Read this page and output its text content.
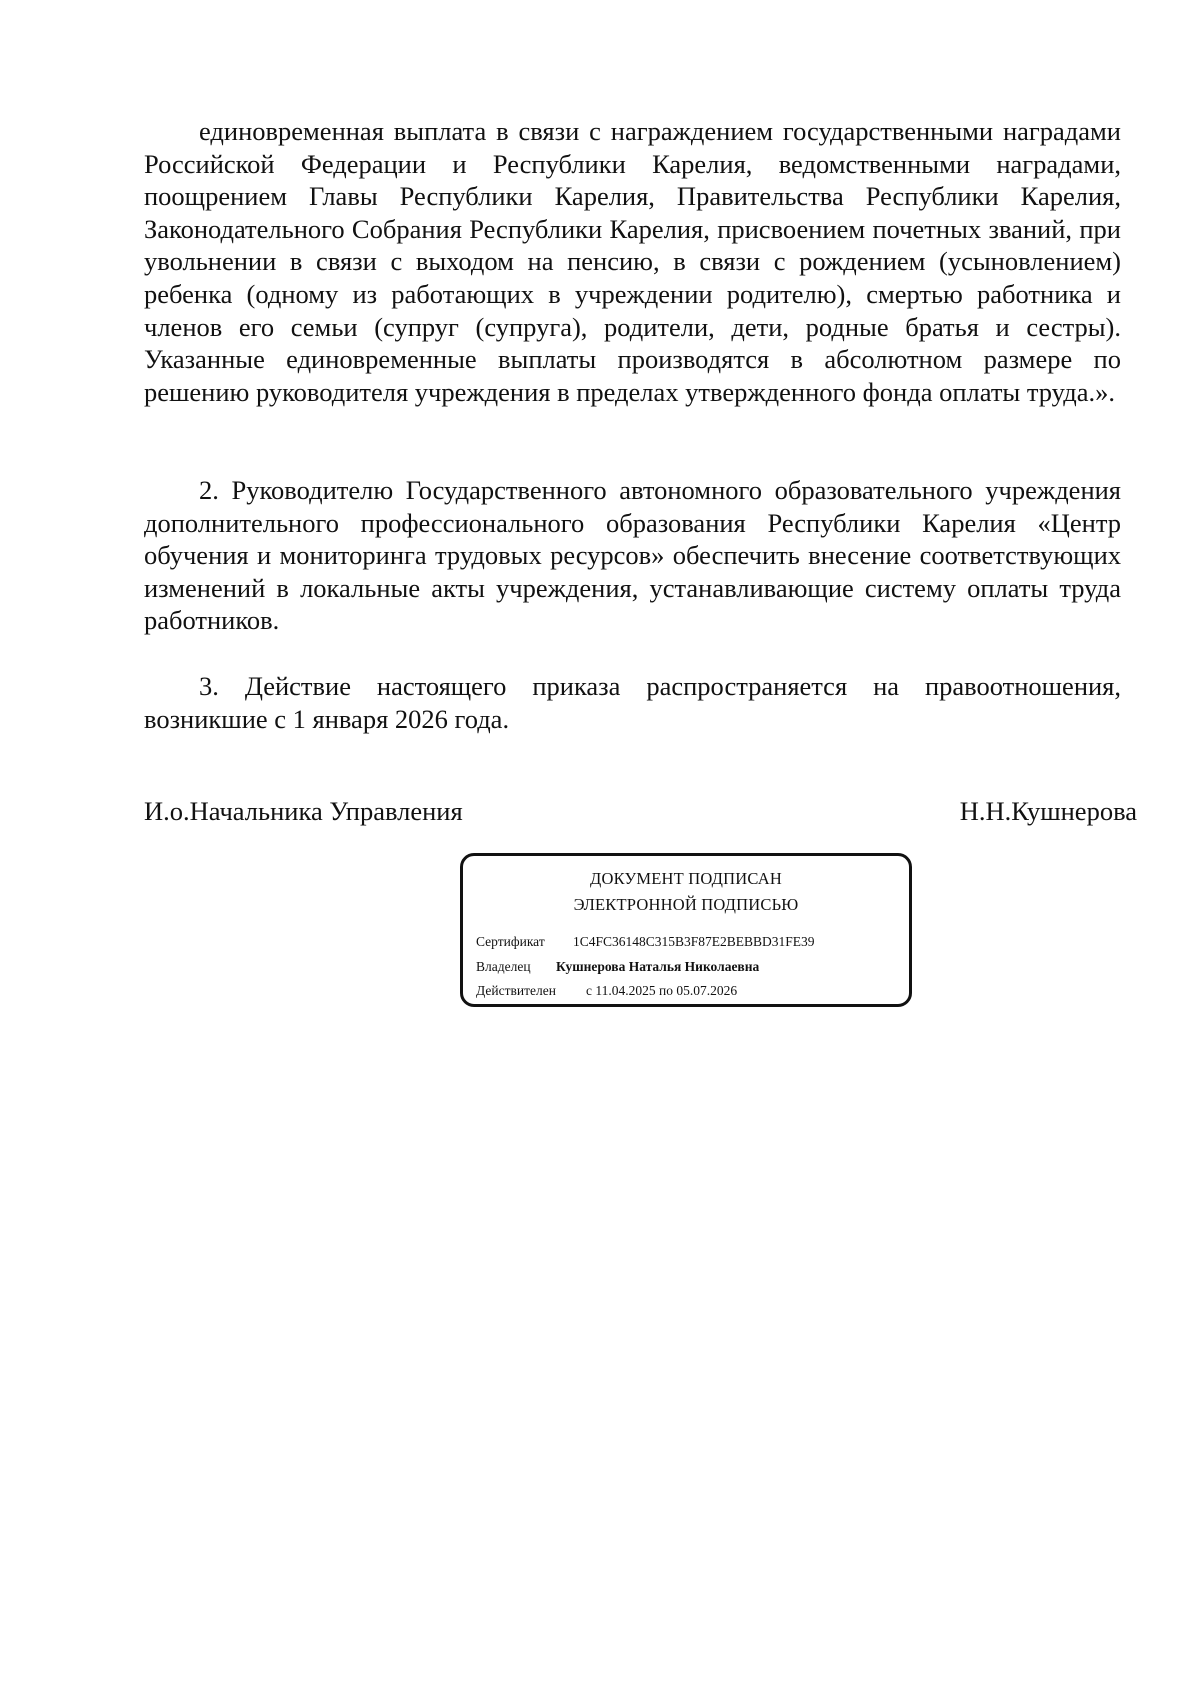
единовременная выплата в связи с награждением государственными наградами Российской Федерации и Республики Карелия, ведомственными наградами, поощрением Главы Республики Карелия, Правительства Республики Карелия, Законодательного Собрания Республики Карелия, присвоением почетных званий, при увольнении в связи с выходом на пенсию, в связи с рождением (усыновлением) ребенка (одному из работающих в учреждении родителю), смертью работника и членов его семьи (супруг (супруга), родители, дети, родные братья и сестры). Указанные единовременные выплаты производятся в абсолютном размере по решению руководителя учреждения в пределах утвержденного фонда оплаты труда.».

2. Руководителю Государственного автономного образовательного учреждения дополнительного профессионального образования Республики Карелия «Центр обучения и мониторинга трудовых ресурсов» обеспечить внесение соответствующих изменений в локальные акты учреждения, устанавливающие систему оплаты труда работников.

3. Действие настоящего приказа распространяется на правоотношения, возникшие с 1 января 2026 года.

И.о.Начальника Управления	Н.Н.Кушнерова
ДОКУМЕНТ ПОДПИСАН
ЭЛЕКТРОННОЙ ПОДПИСЬЮ
Сертификат 1C4FC36148C315B3F87E2BEBBD31FE39
Владелец Кушнерова Наталья Николаевна
Действителен с 11.04.2025 по 05.07.2026
